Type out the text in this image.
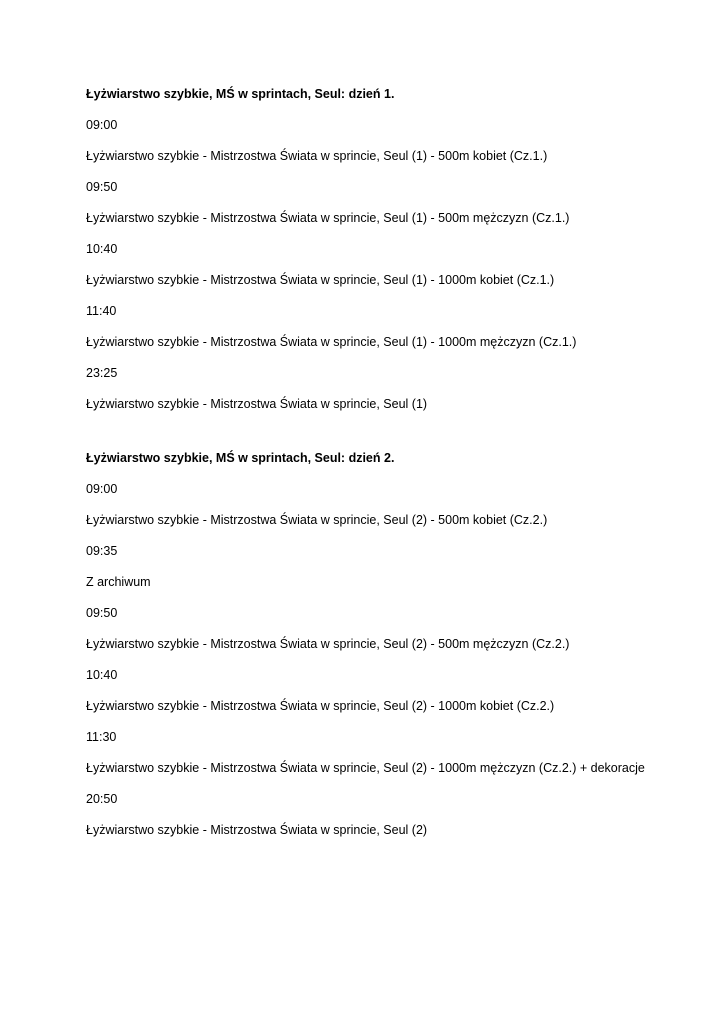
Łyżwiarstwo szybkie, MŚ w sprintach, Seul: dzień 1.

09:00

Łyżwiarstwo szybkie - Mistrzostwa Świata w sprincie, Seul (1) - 500m kobiet (Cz.1.)

09:50

Łyżwiarstwo szybkie - Mistrzostwa Świata w sprincie, Seul (1) - 500m mężczyzn (Cz.1.)

10:40

Łyżwiarstwo szybkie - Mistrzostwa Świata w sprincie, Seul (1) - 1000m kobiet (Cz.1.)

11:40

Łyżwiarstwo szybkie - Mistrzostwa Świata w sprincie, Seul (1) - 1000m mężczyzn (Cz.1.)

23:25

Łyżwiarstwo szybkie - Mistrzostwa Świata w sprincie, Seul (1)

Łyżwiarstwo szybkie, MŚ w sprintach, Seul: dzień 2.

09:00

Łyżwiarstwo szybkie - Mistrzostwa Świata w sprincie, Seul (2) - 500m kobiet (Cz.2.)

09:35

Z archiwum

09:50

Łyżwiarstwo szybkie - Mistrzostwa Świata w sprincie, Seul (2) - 500m mężczyzn (Cz.2.)

10:40

Łyżwiarstwo szybkie - Mistrzostwa Świata w sprincie, Seul (2) - 1000m kobiet (Cz.2.)

11:30

Łyżwiarstwo szybkie - Mistrzostwa Świata w sprincie, Seul (2) - 1000m mężczyzn (Cz.2.) + dekoracje

20:50

Łyżwiarstwo szybkie - Mistrzostwa Świata w sprincie, Seul (2)
